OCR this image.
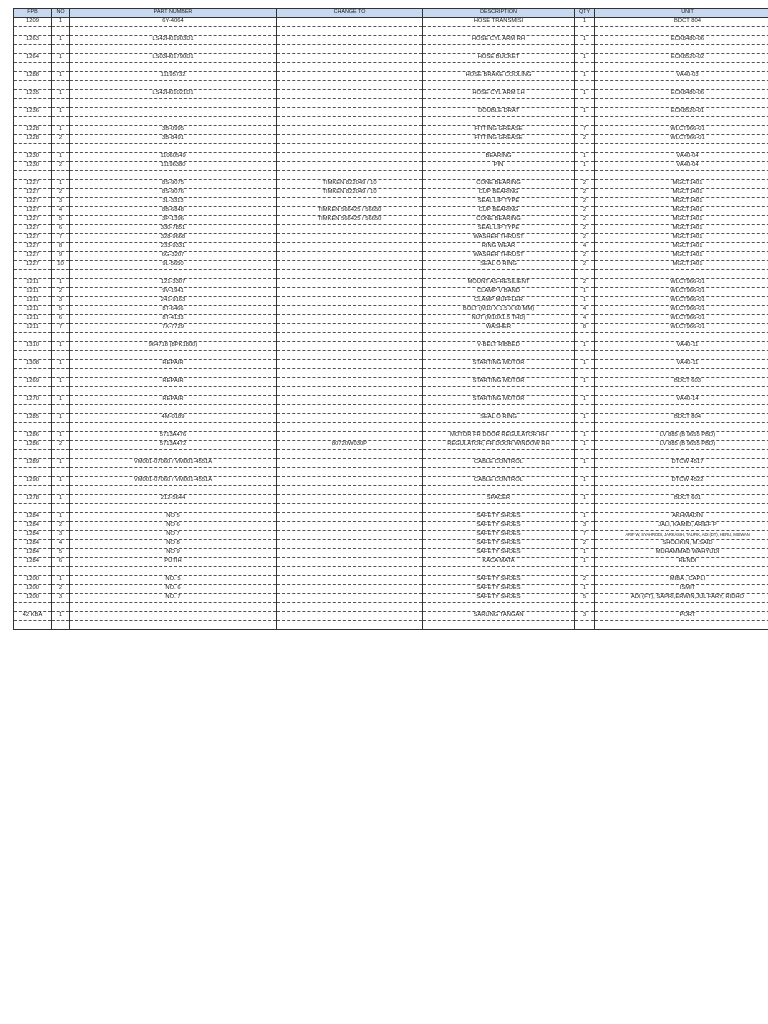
FPB	NO	PART NUMBER	CHANGE TO	DESCRIPTION	QTY	UNIT
1209	1	6Y-4064		HOSE TRANSMISI	1	BDCT 804

1263	1	LS42H01903D1		HOSE CYL ARM RH	1	ECK8480-06

1264	1	LS03H01790D1		HOSE BUCKET	1	ECK8520-02

1288	1	11195732		HOSE BRAKE COOLING	1	VA40-03

1235	1	LS42H01021D1		HOSE CYL ARM LH	1	ECK8480-06

1236	1			DOUBLE DRAT	1	ECK8520-01

1228	1	3B-0995		FITTING GREASE	7	WLCT966-01
1228	2	3B-8491		FITTING GREASE	2	WLCT966-01

1230	1	11060549		BEARING	1	VA40-04
1230	2	11196380		PIN	1	VA40-04

1227	1	8S-9075	TIMKEN 822049 / 10	CONE BEARING	2	MGCT1401
1227	2	8S-9076	TIMKEN 822049 / 10	CUP BEARING	2	MGCT1401
1227	3	3L-3313		SEAL LIP TYPE	2	MGCT1401
1227	4	8B-6848	TIMKEN 566425 / 56650	CUP BEARING	2	MGCT1401
1227	5	3P-1396	TIMKEN 566425 / 56650	CONE BEARING	2	MGCT1401
1227	6	330-7851		SEAL LIP TYPE	2	MGCT1401
1227	7	328-9668		WASHER THRUST	2	MGCT1401
1227	8	233-9331		RING WEAR	4	MGCT1401
1227	9	6G-3207		WASHER THRUST	2	MGCT1401
1227	10	9L-5650		SEAL O RING	2	MGCT1401

1211	1	121-3307		MOUNT AS-RESILIENT	2	WLCT966-01
1211	2	9V-1941		CLAMP V BAND	1	WLCT966-01
1211	3	241-9163		CLAMP MUFFLER	1	WLCT966-01
1211	5	8T-6466		BOLT (M10 X 1.5 X 60 MM)	4	WLCT966-01
1211	6	8T-4133		NUT (M10X1.5 THD)	4	WLCT966-01
1211	7	7X-7729		WASHER	8	WLCT966-01

1310	1	964718 (8PK1800)		V-BELT RIBBED	1	VA40-11

1308	1	REPAIR		STARTING MOTOR	1	VA40-11

1269	1	REPAIR		STARTING MOTOR	1	BDCT 603

1270	1	REPAIR		STARTING MOTOR	1	VA40-14

1285	1	4M-0189		SEAL O RING	1	BDCT 804

1286	1	5713A476		MOTOR FR DOOR REGULATOR RH	1	LV 885 (B 9655 PBD)
1286	2	5713A472	80720W030P	REGULATOR, FR DOOR WINDOW RH	1	LV 885 (B 9655 PBD)

1289	1	VM001-07060 / VM001-4551A		CABLE CONTROL	1	DTCW 4517

1290	1	VM001-07060 / VM001-4551A		CABLE CONTROL	1	DTCW 4522

1278	1	212-5644		SPACER	1	BDCT 601

1284	1	NO 5		SAFETY SHOES	1	AKHMADIN
1284	2	NO 6		SAFETY SHOES	3	JALI, KAMID, ARIEF P
1284	3	NO 7		SAFETY SHOES	7	ARIF W, SYAHRODI, JARKASIH, TAUFIK, ADI (DT), HERU, MISWAN
1284	4	NO 8		SAFETY SHOES	2	SHOLIKIN, M.SAID
1284	5	NO 9		SAFETY SHOES	1	MUHAMMAD WAHYUDI
1284	6	PUTIH		KACA MATA	1	RENDI

1200	1	NO. 5		SAFETY SHOES	2	MIBA , CAPLI
1200	2	NO. 6		SAFETY SHOES	1	ISMIT
1200	3	NO. 7		SAFETY SHOES	5	ADI (FT), SAPRI,ERWIN,JUL FARY, RIDHO

42 KBA	1			SARUNG TANGAN	3	PORT
